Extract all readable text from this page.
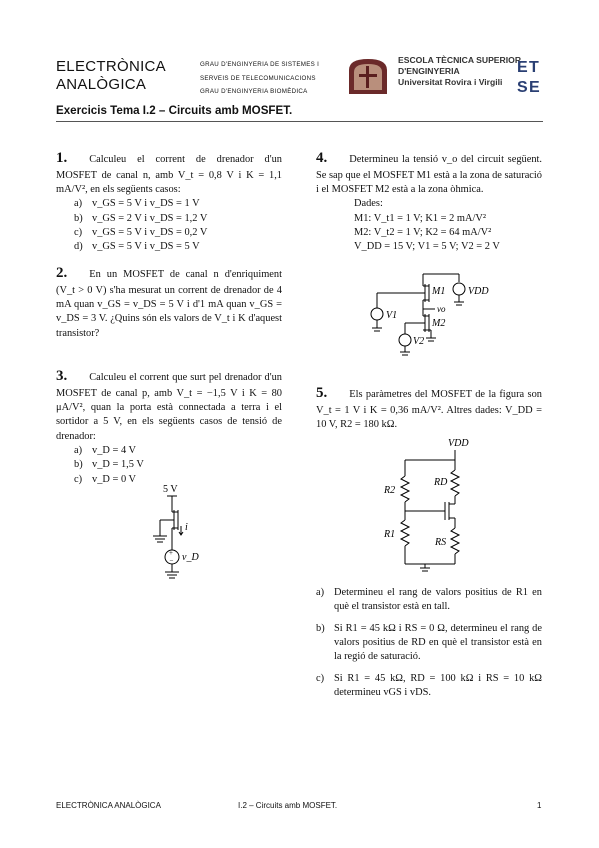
ELECTRÒNICA
ANALÒGICA
GRAU D'ENGINYERIA DE SISTEMES I
SERVEIS DE TELECOMUNICACIONS
GRAU D'ENGINYERIA BIOMÈDICA
ESCOLA TÈCNICA SUPERIOR
D'ENGINYERIA
Universitat Rovira i Virgili
E T
S E
Exercicis Tema I.2 – Circuits amb MOSFET.
1. Calculeu el corrent de drenador d'un MOSFET de canal n, amb V_t = 0,8 V i K = 1,1 mA/V², en els següents casos:
a) v_GS = 5 V i v_DS = 1 V
b) v_GS = 2 V i v_DS = 1,2 V
c) v_GS = 5 V i v_DS = 0,2 V
d) v_GS = 5 V i v_DS = 5 V
2. En un MOSFET de canal n d'enriquiment (V_t > 0 V) s'ha mesurat un corrent de drenador de 4 mA quan v_GS = v_DS = 5 V i d'1 mA quan v_GS = v_DS = 3 V. ¿Quins són els valors de V_t i K d'aquest transistor?
3. Calculeu el corrent que surt pel drenador d'un MOSFET de canal p, amb V_t = −1,5 V i K = 80 μA/V², quan la porta està connectada a terra i el sortidor a 5 V, en els següents casos de tensió de drenador:
a) v_D = 4 V
b) v_D = 1,5 V
c) v_D = 0 V
5 V
i
v_D
+
−
4. Determineu la tensió v_o del circuit següent. Se sap que el MOSFET M1 està a la zona de saturació i el MOSFET M2 està a la zona òhmica.
Dades:
M1: V_t1 = 1 V; K1 = 2 mA/V²
M2: V_t2 = 1 V; K2 = 64 mA/V²
V_DD = 15 V; V1 = 5 V; V2 = 2 V
M1
vo
M2
VDD
V1
V2
5. Els paràmetres del MOSFET de la figura son V_t = 1 V i K = 0,36 mA/V². Altres dades: V_DD = 10 V, R2 = 180 kΩ.
VDD
R2
RD
R1
RS
a) Determineu el rang de valors positius de R1 en què el transistor està en tall.
b) Si R1 = 45 kΩ i RS = 0 Ω, determineu el rang de valors positius de RD en què el transistor està en la regió de saturació.
c) Si R1 = 45 kΩ, RD = 100 kΩ i RS = 10 kΩ determineu vGS i vDS.
ELECTRÒNICA ANALÒGICA	I.2 – Circuits amb MOSFET.	1
